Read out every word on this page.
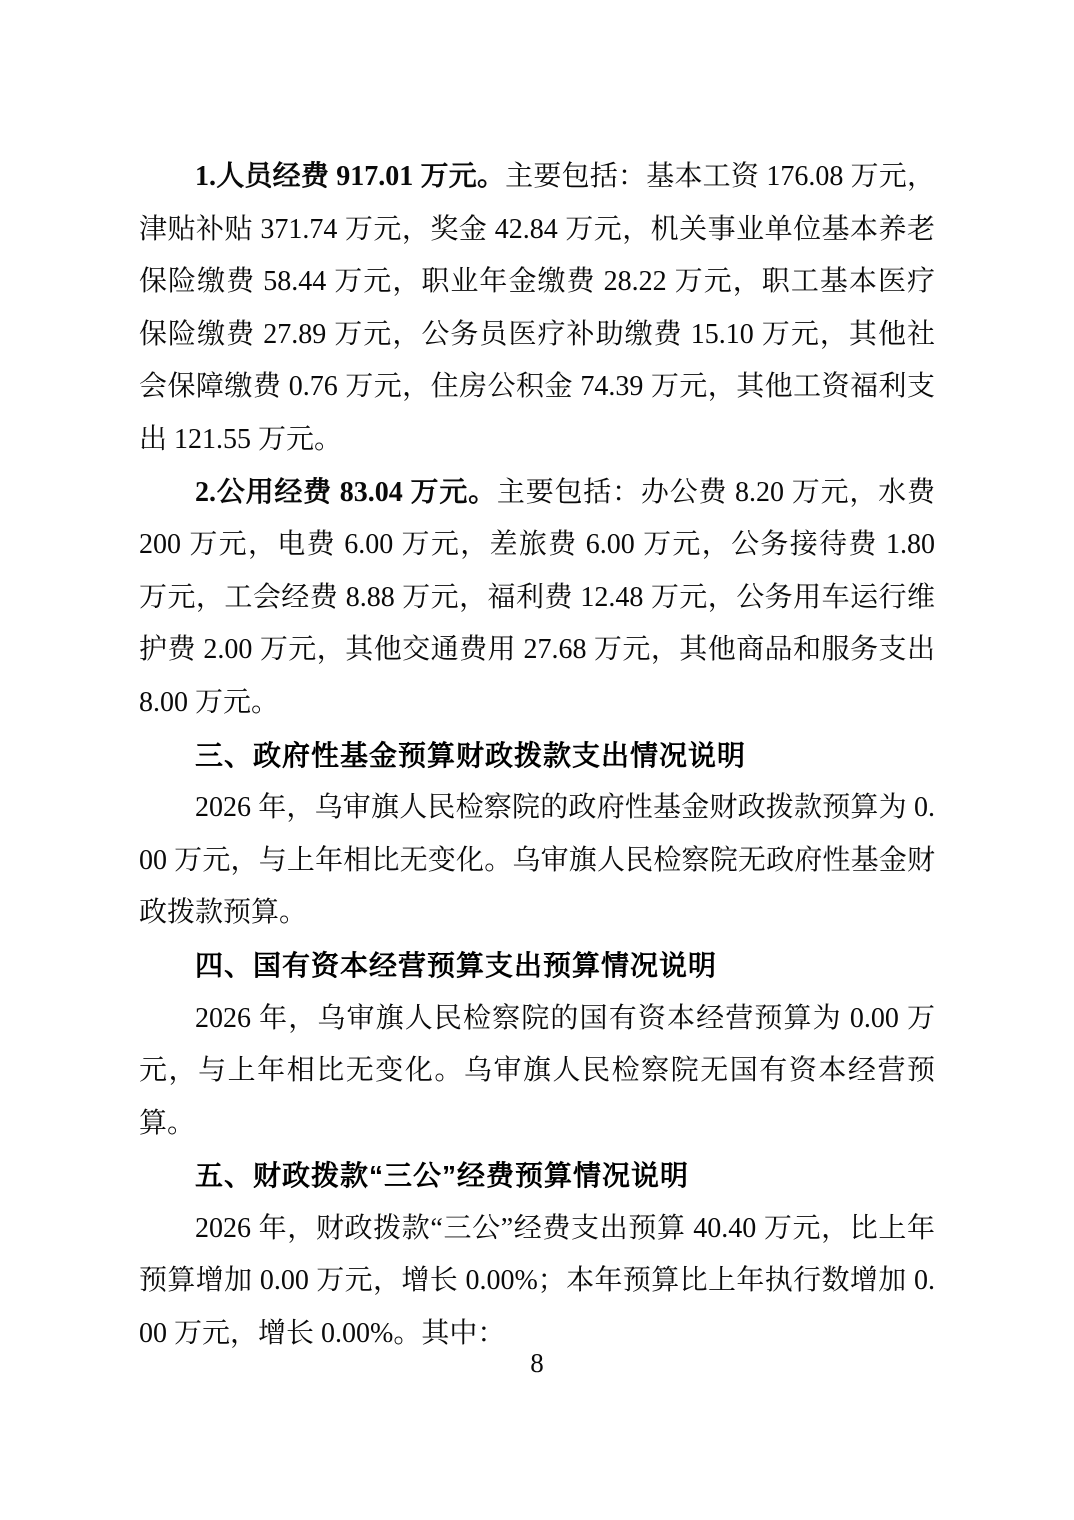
1.人员经费 917.01 万元。主要包括：基本工资 176.08 万元，津贴补贴 371.74 万元，奖金 42.84 万元，机关事业单位基本养老保险缴费 58.44 万元，职业年金缴费 28.22 万元，职工基本医疗保险缴费 27.89 万元，公务员医疗补助缴费 15.10 万元，其他社会保障缴费 0.76 万元，住房公积金 74.39 万元，其他工资福利支出 121.55 万元。

2.公用经费 83.04 万元。主要包括：办公费 8.20 万元，水费 200 万元，电费 6.00 万元，差旅费 6.00 万元，公务接待费 1.80 万元，工会经费 8.88 万元，福利费 12.48 万元，公务用车运行维护费 2.00 万元，其他交通费用 27.68 万元，其他商品和服务支出 8.00 万元。

三、政府性基金预算财政拨款支出情况说明

2026 年，乌审旗人民检察院的政府性基金财政拨款预算为 0.00 万元，与上年相比无变化。乌审旗人民检察院无政府性基金财政拨款预算。

四、国有资本经营预算支出预算情况说明

2026 年，乌审旗人民检察院的国有资本经营预算为 0.00 万元，与上年相比无变化。乌审旗人民检察院无国有资本经营预算。

五、财政拨款“三公”经费预算情况说明

2026 年，财政拨款“三公”经费支出预算 40.40 万元，比上年预算增加 0.00 万元，增长 0.00%；本年预算比上年执行数增加 0.00 万元，增长 0.00%。其中：

8
